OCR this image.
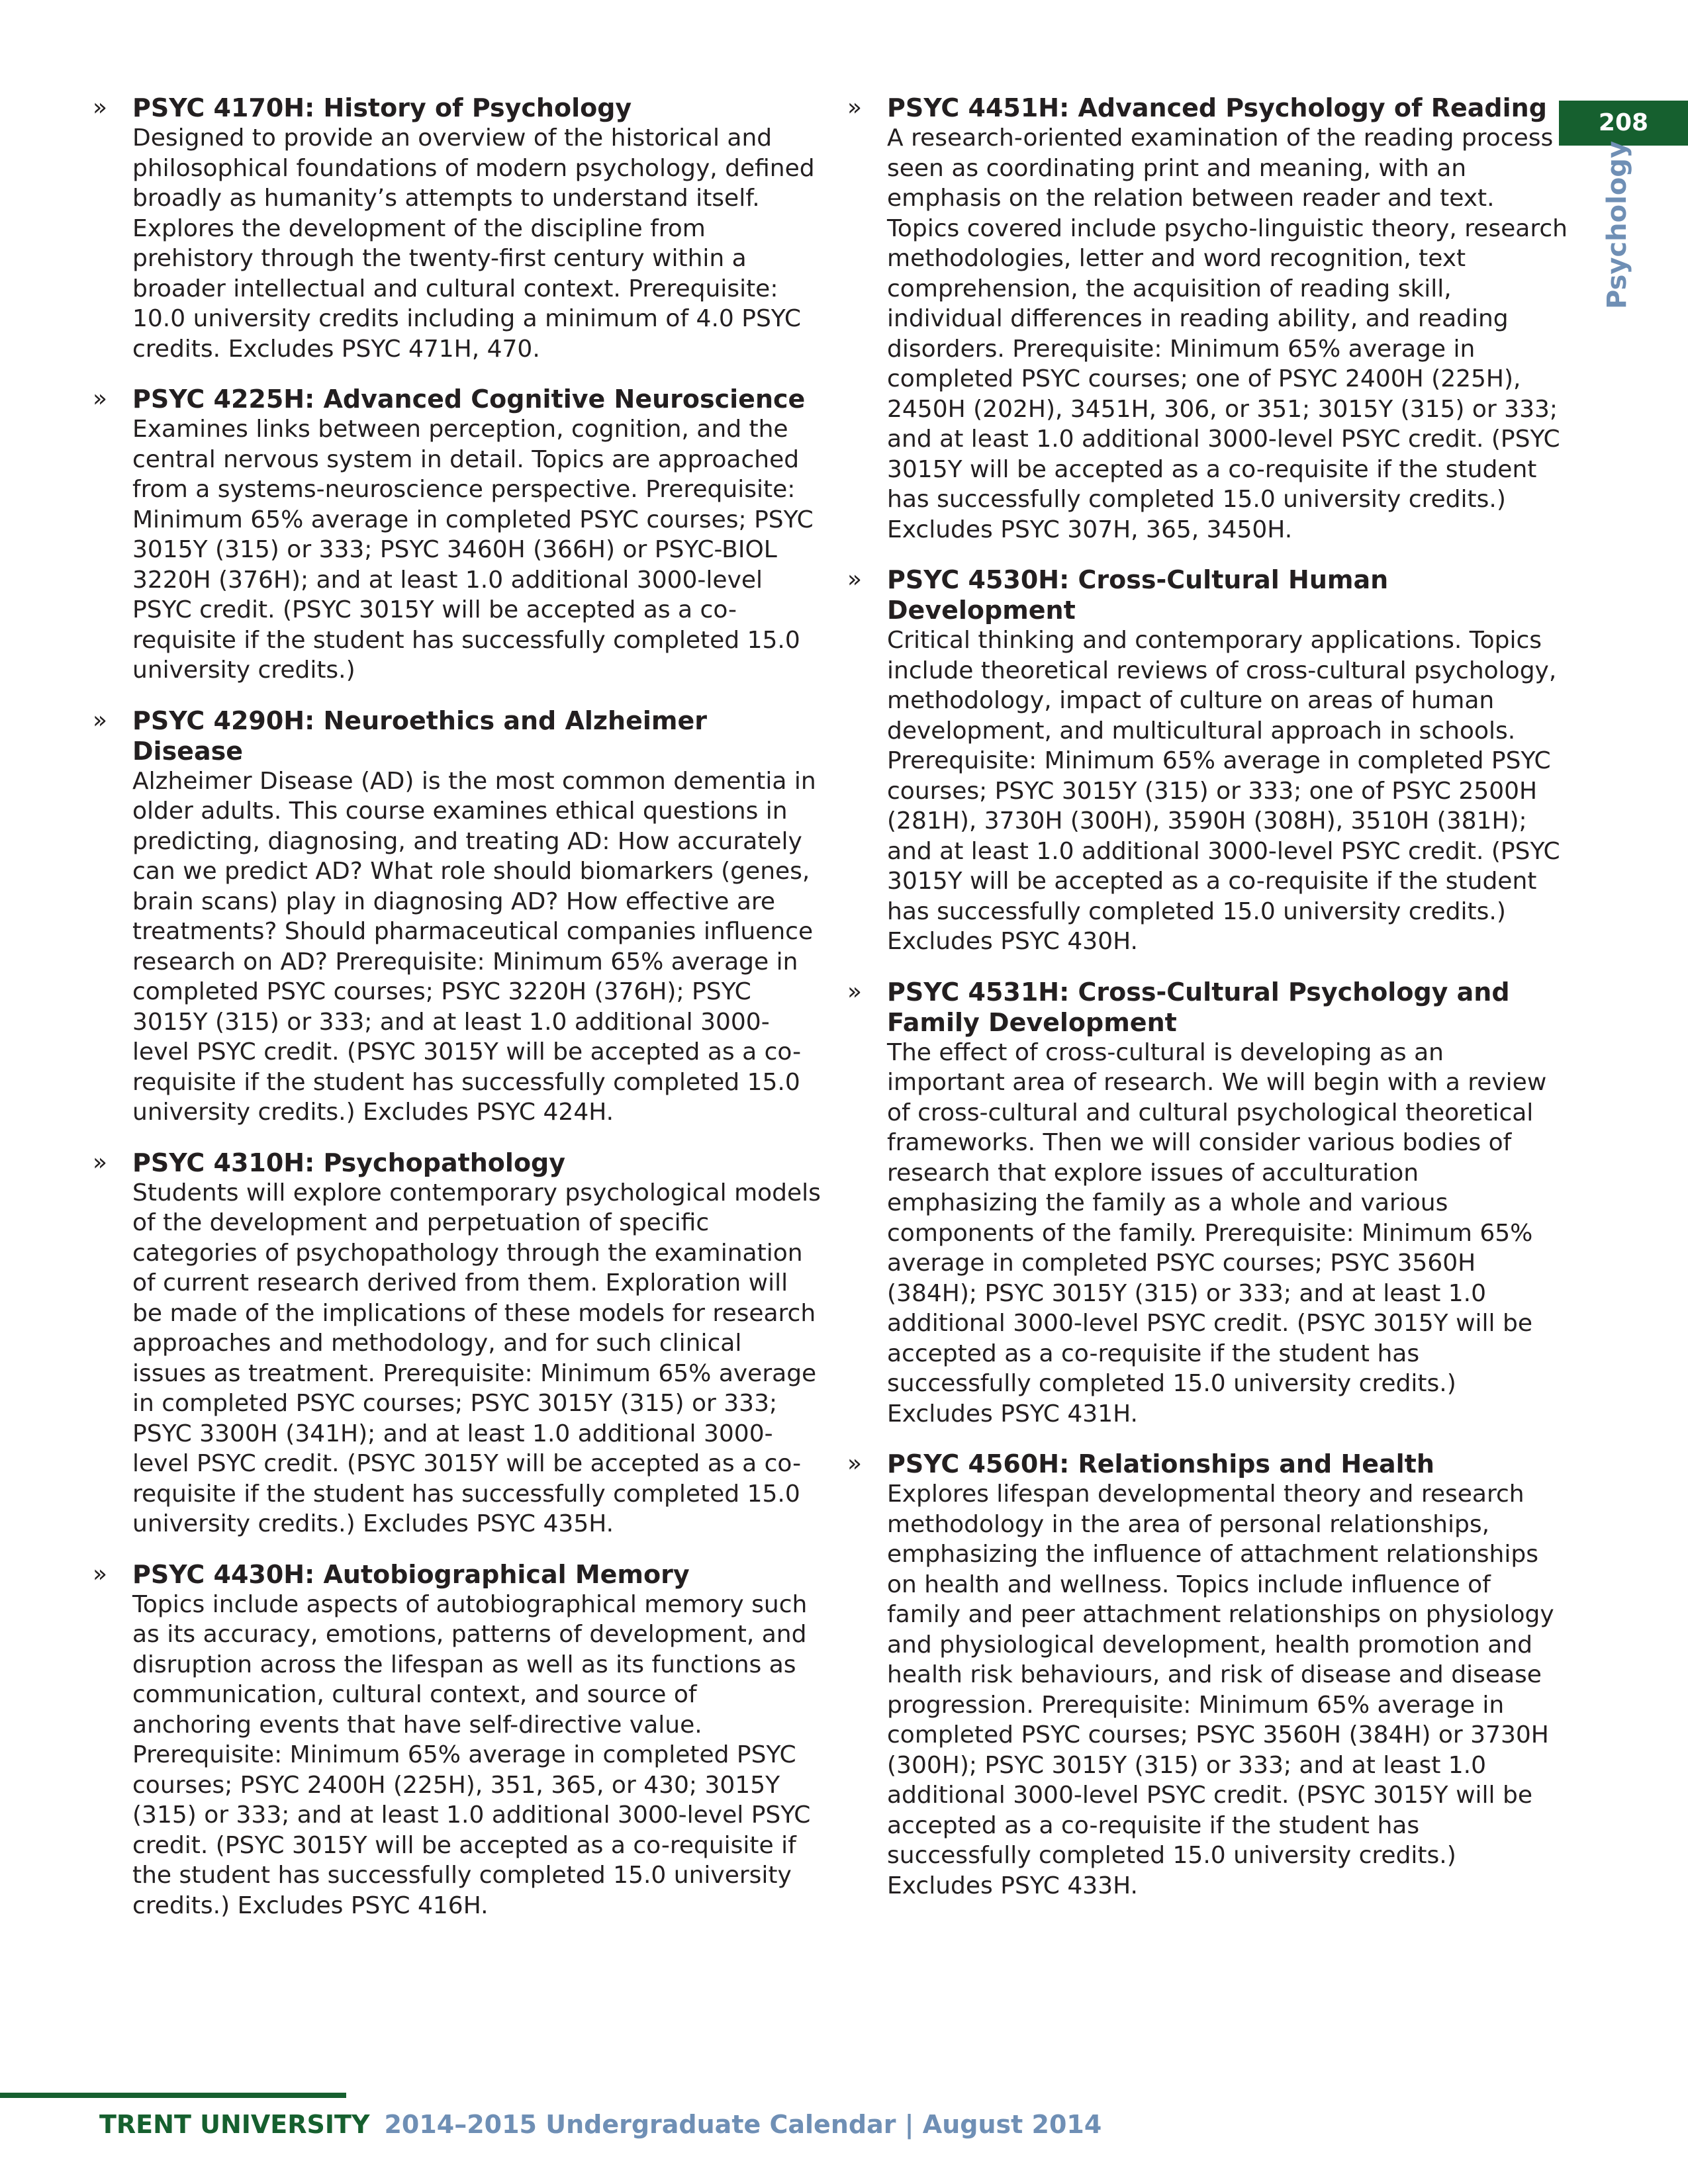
208
Psychology
» PSYC 4170H: History of Psychology
Designed to provide an overview of the historical and philosophical foundations of modern psychology, defined broadly as humanity’s attempts to understand itself. Explores the development of the discipline from prehistory through the twenty-first century within a broader intellectual and cultural context. Prerequisite: 10.0 university credits including a minimum of 4.0 PSYC credits. Excludes PSYC 471H, 470.
» PSYC 4225H: Advanced Cognitive Neuroscience
Examines links between perception, cognition, and the central nervous system in detail. Topics are approached from a systems-neuroscience perspective. Prerequisite: Minimum 65% average in completed PSYC courses; PSYC 3015Y (315) or 333; PSYC 3460H (366H) or PSYC-BIOL 3220H (376H); and at least 1.0 additional 3000-level PSYC credit. (PSYC 3015Y will be accepted as a co-requisite if the student has successfully completed 15.0 university credits.)
» PSYC 4290H: Neuroethics and Alzheimer Disease
Alzheimer Disease (AD) is the most common dementia in older adults. This course examines ethical questions in predicting, diagnosing, and treating AD: How accurately can we predict AD? What role should biomarkers (genes, brain scans) play in diagnosing AD? How effective are treatments? Should pharmaceutical companies influence research on AD? Prerequisite: Minimum 65% average in completed PSYC courses; PSYC 3220H (376H); PSYC 3015Y (315) or 333; and at least 1.0 additional 3000-level PSYC credit. (PSYC 3015Y will be accepted as a co-requisite if the student has successfully completed 15.0 university credits.) Excludes PSYC 424H.
» PSYC 4310H: Psychopathology
Students will explore contemporary psychological models of the development and perpetuation of specific categories of psychopathology through the examination of current research derived from them. Exploration will be made of the implications of these models for research approaches and methodology, and for such clinical issues as treatment. Prerequisite: Minimum 65% average in completed PSYC courses; PSYC 3015Y (315) or 333; PSYC 3300H (341H); and at least 1.0 additional 3000-level PSYC credit. (PSYC 3015Y will be accepted as a co-requisite if the student has successfully completed 15.0 university credits.) Excludes PSYC 435H.
» PSYC 4430H: Autobiographical Memory
Topics include aspects of autobiographical memory such as its accuracy, emotions, patterns of development, and disruption across the lifespan as well as its functions as communication, cultural context, and source of anchoring events that have self-directive value. Prerequisite: Minimum 65% average in completed PSYC courses; PSYC 2400H (225H), 351, 365, or 430; 3015Y (315) or 333; and at least 1.0 additional 3000-level PSYC credit. (PSYC 3015Y will be accepted as a co-requisite if the student has successfully completed 15.0 university credits.) Excludes PSYC 416H.
» PSYC 4451H: Advanced Psychology of Reading
A research-oriented examination of the reading process seen as coordinating print and meaning, with an emphasis on the relation between reader and text. Topics covered include psycho-linguistic theory, research methodologies, letter and word recognition, text comprehension, the acquisition of reading skill, individual differences in reading ability, and reading disorders. Prerequisite: Minimum 65% average in completed PSYC courses; one of PSYC 2400H (225H), 2450H (202H), 3451H, 306, or 351; 3015Y (315) or 333; and at least 1.0 additional 3000-level PSYC credit. (PSYC 3015Y will be accepted as a co-requisite if the student has successfully completed 15.0 university credits.) Excludes PSYC 307H, 365, 3450H.
» PSYC 4530H: Cross-Cultural Human Development
Critical thinking and contemporary applications. Topics include theoretical reviews of cross-cultural psychology, methodology, impact of culture on areas of human development, and multicultural approach in schools. Prerequisite: Minimum 65% average in completed PSYC courses; PSYC 3015Y (315) or 333; one of PSYC 2500H (281H), 3730H (300H), 3590H (308H), 3510H (381H); and at least 1.0 additional 3000-level PSYC credit. (PSYC 3015Y will be accepted as a co-requisite if the student has successfully completed 15.0 university credits.) Excludes PSYC 430H.
» PSYC 4531H: Cross-Cultural Psychology and Family Development
The effect of cross-cultural is developing as an important area of research. We will begin with a review of cross-cultural and cultural psychological theoretical frameworks. Then we will consider various bodies of research that explore issues of acculturation emphasizing the family as a whole and various components of the family. Prerequisite: Minimum 65% average in completed PSYC courses; PSYC 3560H (384H); PSYC 3015Y (315) or 333; and at least 1.0 additional 3000-level PSYC credit. (PSYC 3015Y will be accepted as a co-requisite if the student has successfully completed 15.0 university credits.) Excludes PSYC 431H.
» PSYC 4560H: Relationships and Health
Explores lifespan developmental theory and research methodology in the area of personal relationships, emphasizing the influence of attachment relationships on health and wellness. Topics include influence of family and peer attachment relationships on physiology and physiological development, health promotion and health risk behaviours, and risk of disease and disease progression. Prerequisite: Minimum 65% average in completed PSYC courses; PSYC 3560H (384H) or 3730H (300H); PSYC 3015Y (315) or 333; and at least 1.0 additional 3000-level PSYC credit. (PSYC 3015Y will be accepted as a co-requisite if the student has successfully completed 15.0 university credits.) Excludes PSYC 433H.
TRENT UNIVERSITY 2014–2015 Undergraduate Calendar | August 2014
